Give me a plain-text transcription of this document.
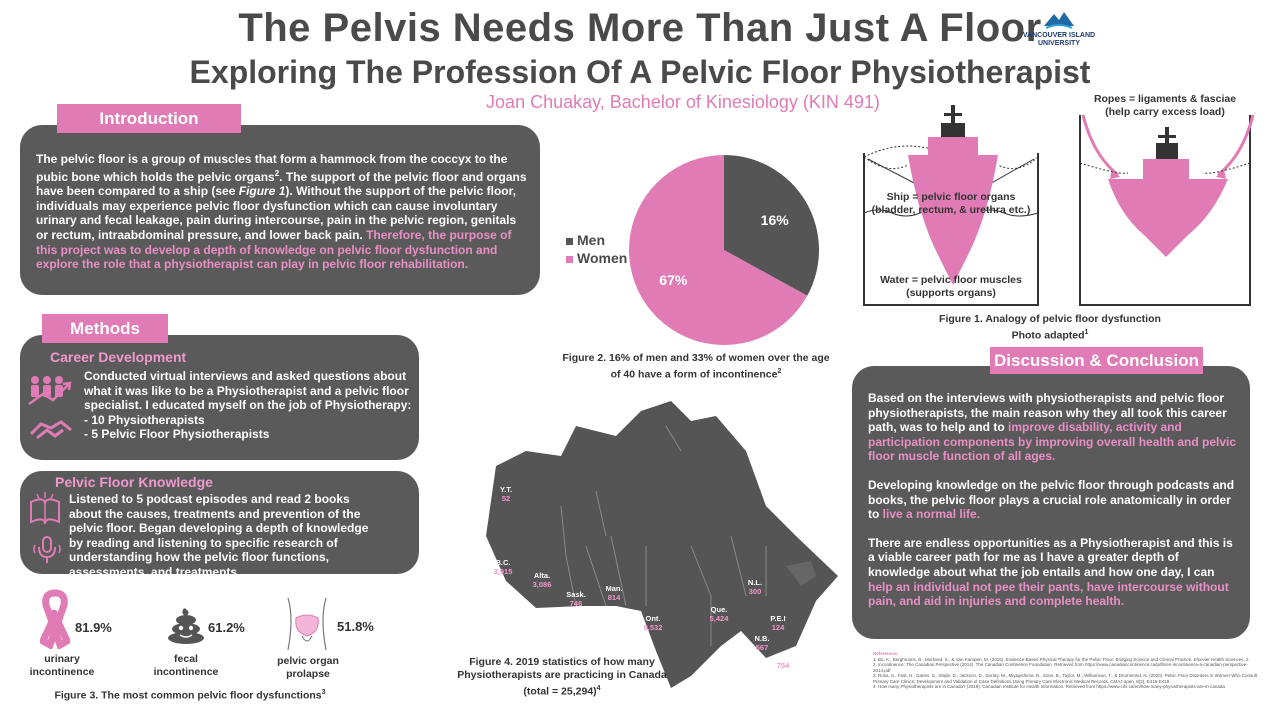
The Pelvis Needs More Than Just A Floor
Exploring The Profession Of A Pelvic Floor Physiotherapist
Joan Chuakay, Bachelor of Kinesiology (KIN 491)
VANCOUVER ISLAND
UNIVERSITY
Introduction
The pelvic floor is a group of muscles that form a hammock from the coccyx to the pubic bone which holds the pelvic organs$^2$. The support of the pelvic floor and organs have been compared to a ship (see Figure 1). Without the support of the pelvic floor, individuals may experience pelvic floor dysfunction which can cause involuntary urinary and fecal leakage, pain during intercourse, pain in the pelvic region, genitals or rectum, intraabdominal pressure, and lower back pain. Therefore, the purpose of this project was to develop a depth of knowledge on pelvic floor dysfunction and explore the role that a physiotherapist can play in pelvic floor rehabilitation.
Methods
Career Development
Conducted virtual interviews and asked questions about what it was like to be a Physiotherapist and a pelvic floor specialist. I educated myself on the job of Physiotherapy:
- 10 Physiotherapists
- 5 Pelvic Floor Physiotherapists
Pelvic Floor Knowledge
Listened to 5 podcast episodes and read 2 books about the causes, treatments and prevention of the pelvic floor. Began developing a depth of knowledge by reading and listening to specific research of understanding how the pelvic floor functions, assessments, and treatments.
81.9%
urinary
incontinence
61.2%
fecal
incontinence
51.8%
pelvic organ
prolapse
Figure 3. The most common pelvic floor dysfunctions$^3$
16%
67%
Men
Women
Figure 2. 16% of men and 33% of women over the age of 40 have a form of incontinence$^2$
Ropes = ligaments & fasciae
(help carry excess load)
Ship = pelvic floor organs
(bladder, rectum, & urethra etc.)
Water = pelvic floor muscles
(supports organs)
Figure 1. Analogy of pelvic floor dysfunction
Photo adapted$^1$
Y.T.
52
B.C.
3,915	Alta.
3,086
Sask.
746
Man.
814
Ont.
9,532
Que.
5,424
N.L.
300
P.E.I
124
N.B.
567
N.S.
754
Figure 4. 2019 statistics of how many
Physiotherapists are practicing in Canada
(total = 25,294)$^4$
Discussion & Conclusion

Based on the interviews with physiotherapists and pelvic floor physiotherapists, the main reason why they all took this career path, was to help and to improve disability, activity and participation components by improving overall health and pelvic floor muscle function of all ages.

Developing knowledge on the pelvic floor through podcasts and books, the pelvic floor plays a crucial role anatomically in order to live a normal life.

There are endless opportunities as a Physiotherapist and this is a viable career path for me as I have a greater depth of knowledge about what the job entails and how one day, I can help an individual not pee their pants, have intercourse without pain, and aid in injuries and complete health.

References
1. Bo, K., Berghmans, B., Morkved, S., & Van Kampen, M. (2015). Evidence-Based Physical Therapy for the Pelvic Floor: Bridging Science and Clinical Practice. Elsevier Health Sciences, 2.
2. Incontinence: The Canadian Perspective (2014). The Canadian Continence Foundation. Retrieved from https://www.canadiancontinence.ca/pdfs/en-incontinence-a-canadian-perspective-2014.pdf
3. Rosa, S., Fast, H., Garies, S., Slade, D., Jackson, D., Doraty, M., Miyagishima, R., Soos, B., Taylor, M., Williamson, T., & Drummond, N. (2020). Pelvic Floor Disorders in Women Who Consult Primary Care Clinics: Development and Validation of Case Definitions Using Primary Care Electronic Medical Records. CMAJ open, 8(2), E416-E419.
4. How many Physiotherapists are in Canada? (2019). Canadian Institute for Health Information. Retrieved from https://www.cihi.ca/en/how-many-physiotherapists-are-in-canada
